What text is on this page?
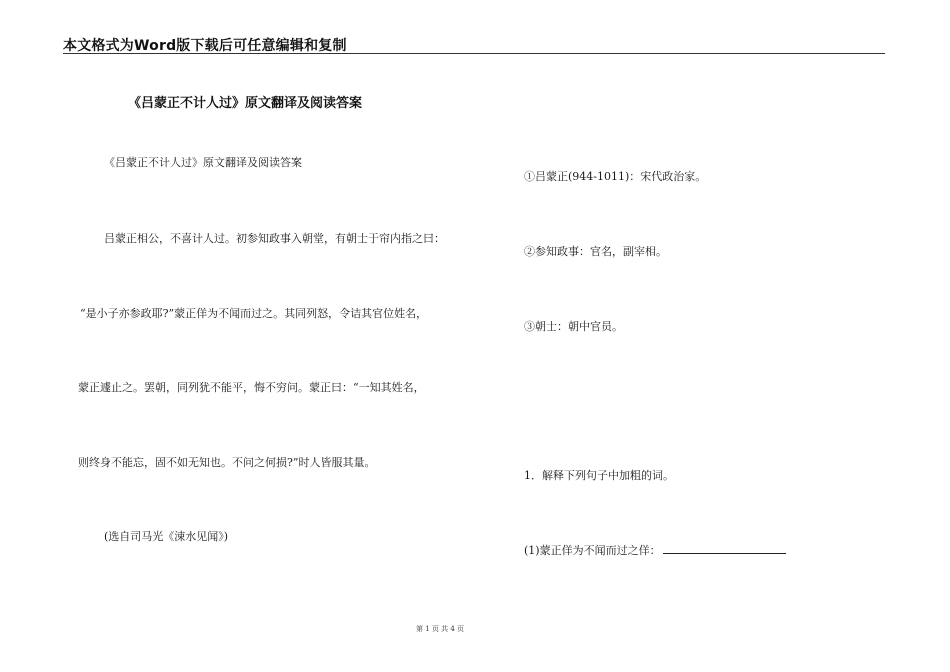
本文格式为Word版下载后可任意编辑和复制
《吕蒙正不计人过》原文翻译及阅读答案
《吕蒙正不计人过》原文翻译及阅读答案
吕蒙正相公，不喜计人过。初参知政事入朝堂，有朝士于帘内指之曰：
“是小子亦参政耶?”蒙正佯为不闻而过之。其同列怒，令诘其官位姓名，
蒙正遽止之。罢朝，同列犹不能平，悔不穷问。蒙正曰：“一知其姓名，
则终身不能忘，固不如无知也。不问之何损?”时人皆服其量。
(选自司马光《涑水见闻》)
①吕蒙正(944-1011)：宋代政治家。
②参知政事：官名，副宰相。
③朝士：朝中官员。
1．解释下列句子中加粗的词。
(1)蒙正佯为不闻而过之佯：
第 1 页 共 4 页
